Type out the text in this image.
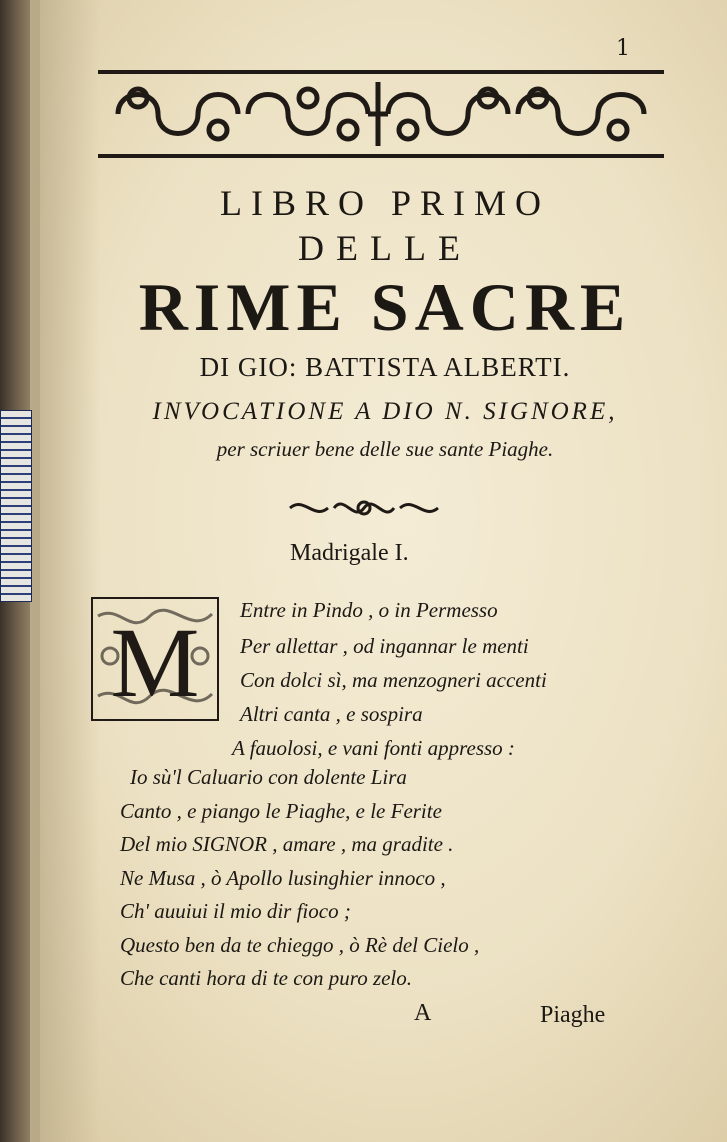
1
LIBRO PRIMO
DELLE
RIME SACRE
DI GIO: BATTISTA ALBERTI.
INVOCATIONE A DIO N. SIGNORE,
per scriuer bene delle sue sante Piaghe.
Madrigale I.
M Entre in Pindo , o in Permesso
Per allettar , od ingannar le menti
Con dolci sì, ma menzogneri accenti
Altri canta , e sospira
A fauolosi, e vani fonti appresso :
Io sù'l Caluario con dolente Lira
Canto , e piango le Piaghe, e le Ferite
Del mio SIGNOR , amare , ma gradite .
Ne Musa , ò Apollo lusinghier innoco ,
Ch' auuiui il mio dir fioco ;
Questo ben da te chieggo , ò Rè del Cielo ,
Che canti hora di te con puro zelo.
A	Piaghe
